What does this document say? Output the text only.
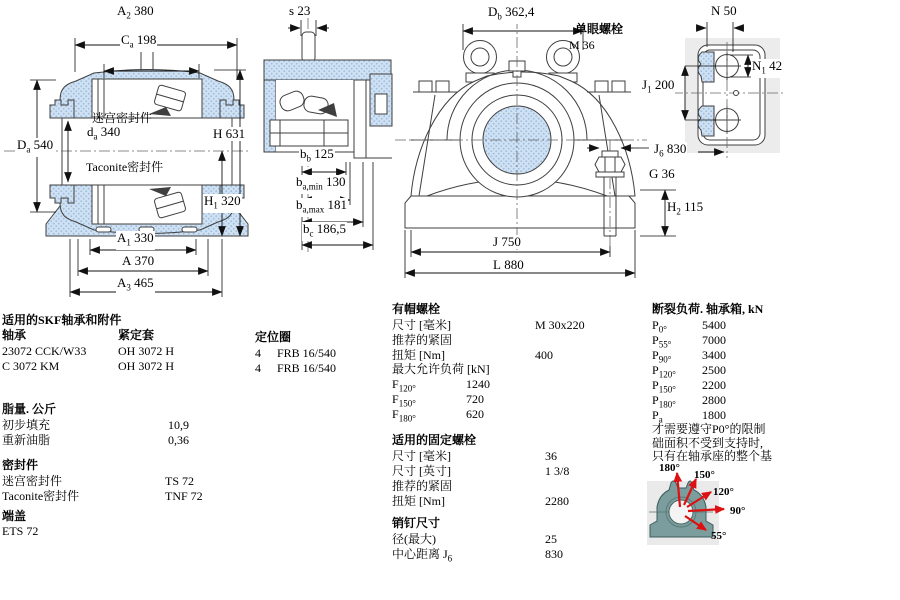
180°
150°
120°
90°
55°
$A_2$ 380
$C_a$ 198
迷宫密封件
$d_a$ 340
$D_a$ 540
H 631
Taconite密封件
$H_1$ 320
$A_1$ 330
A 370
$A_3$ 465
s 23
$b_b$ 125
$b_{a,min}$ 130
$b_{a,max}$ 181
$b_c$ 186,5
$D_b$ 362,4
单眼螺栓
M 36
J 750
L 880
N 50
$N_1$ 42
$J_1$ 200
$J_6$ 830
G 36
$H_2$ 115
适用的SKF轴承和附件
轴承	紧定套
23072 CCK/W33	OH 3072 H
C 3072 KM	OH 3072 H
脂量. 公斤
初步填充	10,9
重新油脂	0,36
密封件
迷宫密封件	TS 72
Taconite密封件	TNF 72
端盖
ETS 72
定位圈
4 FRB 16/540
4 FRB 16/540
有帽螺栓
尺寸 [毫米]	M 30x220
推荐的紧固
扭矩 [Nm]	400
最大允许负荷 [kN]
$F_{120^\circ}$	1240
$F_{150^\circ}$	720
$F_{180^\circ}$	620
适用的固定螺栓
尺寸 [毫米]	36
尺寸 [英寸]	1 3/8
推荐的紧固
扭矩 [Nm]	2280
销钉尺寸
径(最大)	25
中心距离 $J_6$	830
断裂负荷. 轴承箱, kN
$P_{0^\circ}$	5400
$P_{55^\circ}$	7000
$P_{90^\circ}$	3400
$P_{120^\circ}$ 2500
$P_{150^\circ}$ 2200
$P_{180^\circ}$ 2800
$P_a$	1800
才需要遵守P0°的限制
础面积不受到支持时,
只有在轴承座的整个基
